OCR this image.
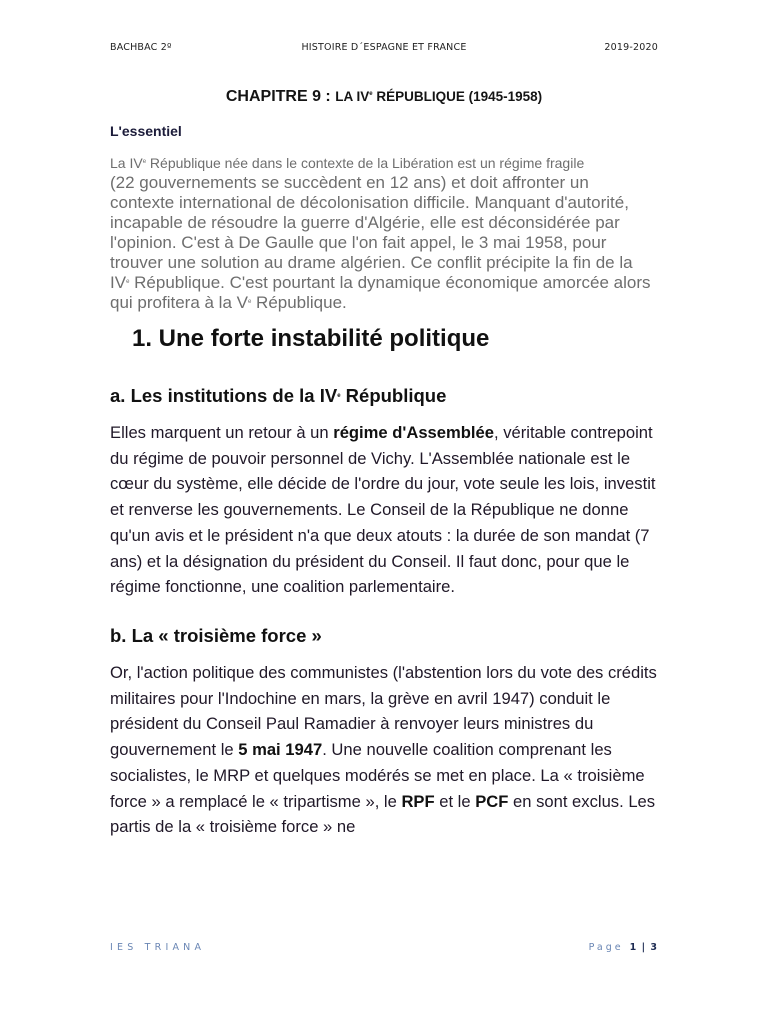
BACHBAC 2º	HISTOIRE D´ESPAGNE ET FRANCE	2019-2020
CHAPITRE 9 : LA IVe RÉPUBLIQUE (1945-1958)
L'essentiel
La IVe République née dans le contexte de la Libération est un régime fragile
(22 gouvernements se succèdent en 12 ans) et doit affronter un contexte international de décolonisation difficile. Manquant d'autorité, incapable de résoudre la guerre d'Algérie, elle est déconsidérée par l'opinion. C'est à De Gaulle que l'on fait appel, le 3 mai 1958, pour trouver une solution au drame algérien. Ce conflit précipite la fin de la IVe République. C'est pourtant la dynamique économique amorcée alors qui profitera à la Ve République.
1. Une forte instabilité politique
a. Les institutions de la IVe République
Elles marquent un retour à un régime d'Assemblée, véritable contrepoint du régime de pouvoir personnel de Vichy. L'Assemblée nationale est le cœur du système, elle décide de l'ordre du jour, vote seule les lois, investit et renverse les gouvernements. Le Conseil de la République ne donne qu'un avis et le président n'a que deux atouts : la durée de son mandat (7 ans) et la désignation du président du Conseil. Il faut donc, pour que le régime fonctionne, une coalition parlementaire.
b. La « troisième force »
Or, l'action politique des communistes (l'abstention lors du vote des crédits militaires pour l'Indochine en mars, la grève en avril 1947) conduit le président du Conseil Paul Ramadier à renvoyer leurs ministres du gouvernement le 5 mai 1947. Une nouvelle coalition comprenant les socialistes, le MRP et quelques modérés se met en place. La « troisième force » a remplacé le « tripartisme », le RPF et le PCF en sont exclus. Les partis de la « troisième force » ne
IES TRIANA	Page 1 | 3
